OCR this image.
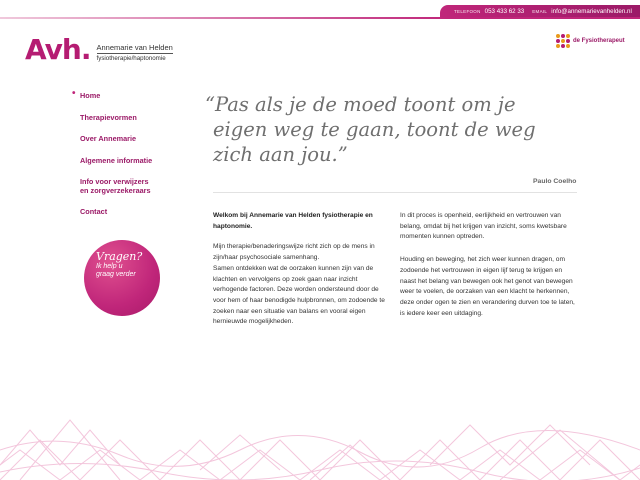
TELEFOON 053 433 62 33 EMAIL info@annemarievanhelden.nl
Avh. Annemarie van Helden
fysiotherapie/haptonomie
de Fysiotherapeut
• Home
Therapievormen
Over Annemarie
Algemene informatie
Info voor verwijzers
en zorgverzekeraars
Contact
Vragen?
Ik help u
graag verder
“Pas als je de moed toont om je
eigen weg te gaan, toont de weg
zich aan jou.”
Paulo Coelho

Welkom bij Annemarie van Helden fysiotherapie en haptonomie.

Mijn therapie/benaderingswijze richt zich op de mens in zijn/haar psychosociale samenhang.

Samen ontdekken wat de oorzaken kunnen zijn van de klachten en vervolgens op zoek gaan naar inzicht verhogende factoren. Deze worden ondersteund door de voor hem of haar benodigde hulpbronnen, om zodoende te zoeken naar een situatie van balans en vooral eigen hernieuwde mogelijkheden.

In dit proces is openheid, eerlijkheid en vertrouwen van belang, omdat bij het krijgen van inzicht, soms kwetsbare momenten kunnen optreden.

Houding en beweging, het zich weer kunnen dragen, om zodoende het vertrouwen in eigen lijf terug te krijgen en naast het belang van bewegen ook het genot van bewegen weer te voelen, de oorzaken van een klacht te herkennen, deze onder ogen te zien en verandering durven toe te laten, is iedere keer een uitdaging.
